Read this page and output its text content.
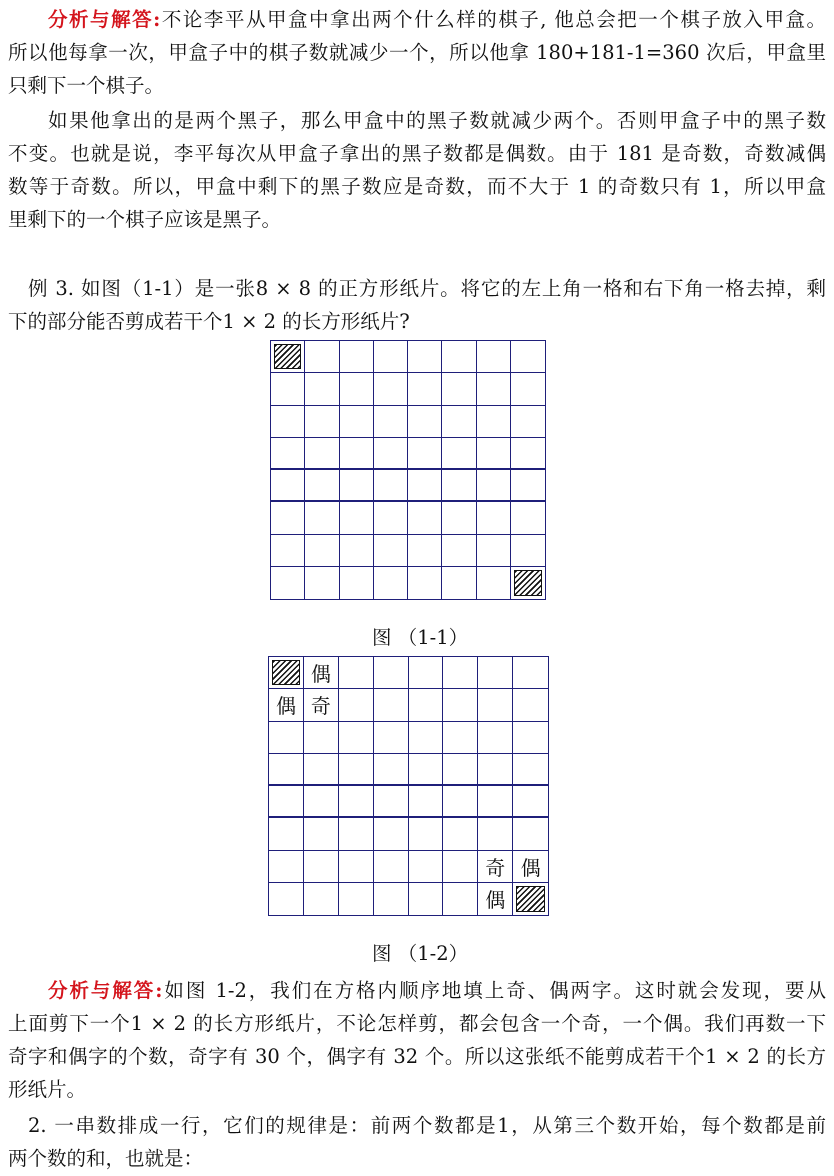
分析与解答:不论李平从甲盒中拿出两个什么样的棋子, 他总会把一个棋子放入甲盒。
所以他每拿一次，甲盒子中的棋子数就减少一个，所以他拿 180+181-1=360 次后，甲盒里
只剩下一个棋子。
如果他拿出的是两个黑子，那么甲盒中的黑子数就减少两个。否则甲盒子中的黑子数
不变。也就是说，李平每次从甲盒子拿出的黑子数都是偶数。由于 181 是奇数，奇数减偶
数等于奇数。所以，甲盒中剩下的黑子数应是奇数，而不大于 1 的奇数只有 1，所以甲盒
里剩下的一个棋子应该是黑子。
例 3. 如图（1-1）是一张8 × 8 的正方形纸片。将它的左上角一格和右下角一格去掉，剩
下的部分能否剪成若干个1 × 2 的长方形纸片?
图 （1-1）
偶
偶 奇
奇 偶
偶
图 （1-2）
分析与解答:如图 1-2，我们在方格内顺序地填上奇、偶两字。这时就会发现，要从
上面剪下一个1 × 2 的长方形纸片，不论怎样剪，都会包含一个奇，一个偶。我们再数一下
奇字和偶字的个数，奇字有 30 个，偶字有 32 个。所以这张纸不能剪成若干个1 × 2 的长方
形纸片。
2. 一串数排成一行，它们的规律是：前两个数都是1，从第三个数开始，每个数都是前
两个数的和，也就是：
